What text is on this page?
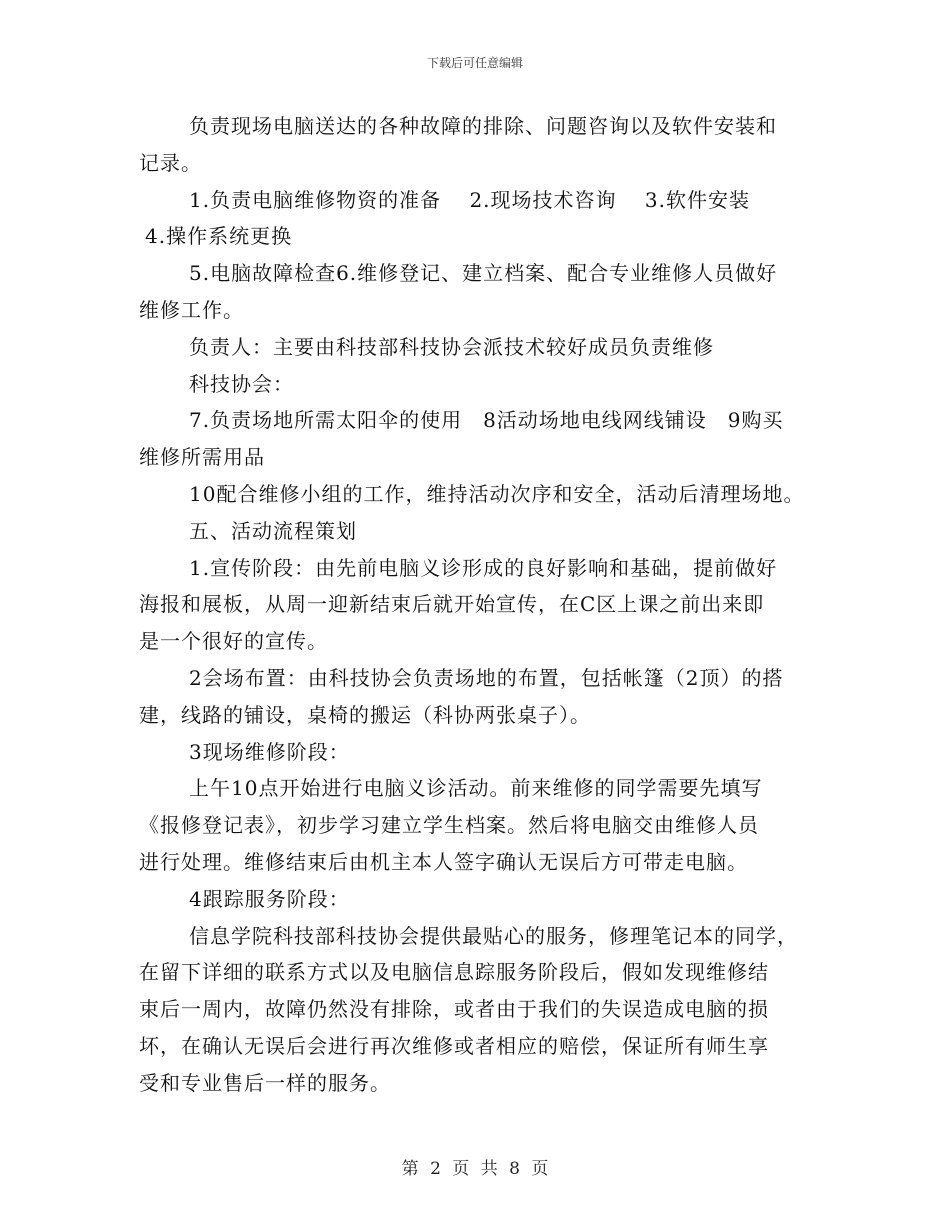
下载后可任意编辑
负责现场电脑送达的各种故障的排除、问题咨询以及软件安装和
记录。
1.负责电脑维修物资的准备　 2.现场技术咨询　 3.软件安装
4.操作系统更换
5.电脑故障检查6.维修登记、建立档案、配合专业维修人员做好
维修工作。
负责人：主要由科技部科技协会派技术较好成员负责维修
科技协会：
7.负责场地所需太阳伞的使用　8活动场地电线网线铺设　9购买
维修所需用品
10配合维修小组的工作，维持活动次序和安全，活动后清理场地。
五、活动流程策划
1.宣传阶段：由先前电脑义诊形成的良好影响和基础，提前做好
海报和展板，从周一迎新结束后就开始宣传，在C区上课之前出来即
是一个很好的宣传。
2会场布置：由科技协会负责场地的布置，包括帐篷（2顶）的搭
建，线路的铺设，桌椅的搬运（科协两张桌子）。
3现场维修阶段：
上午10点开始进行电脑义诊活动。前来维修的同学需要先填写
《报修登记表》，初步学习建立学生档案。然后将电脑交由维修人员
进行处理。维修结束后由机主本人签字确认无误后方可带走电脑。
4跟踪服务阶段：
信息学院科技部科技协会提供最贴心的服务，修理笔记本的同学，
在留下详细的联系方式以及电脑信息踪服务阶段后，假如发现维修结
束后一周内，故障仍然没有排除，或者由于我们的失误造成电脑的损
坏，在确认无误后会进行再次维修或者相应的赔偿，保证所有师生享
受和专业售后一样的服务。
第 2 页 共 8 页
